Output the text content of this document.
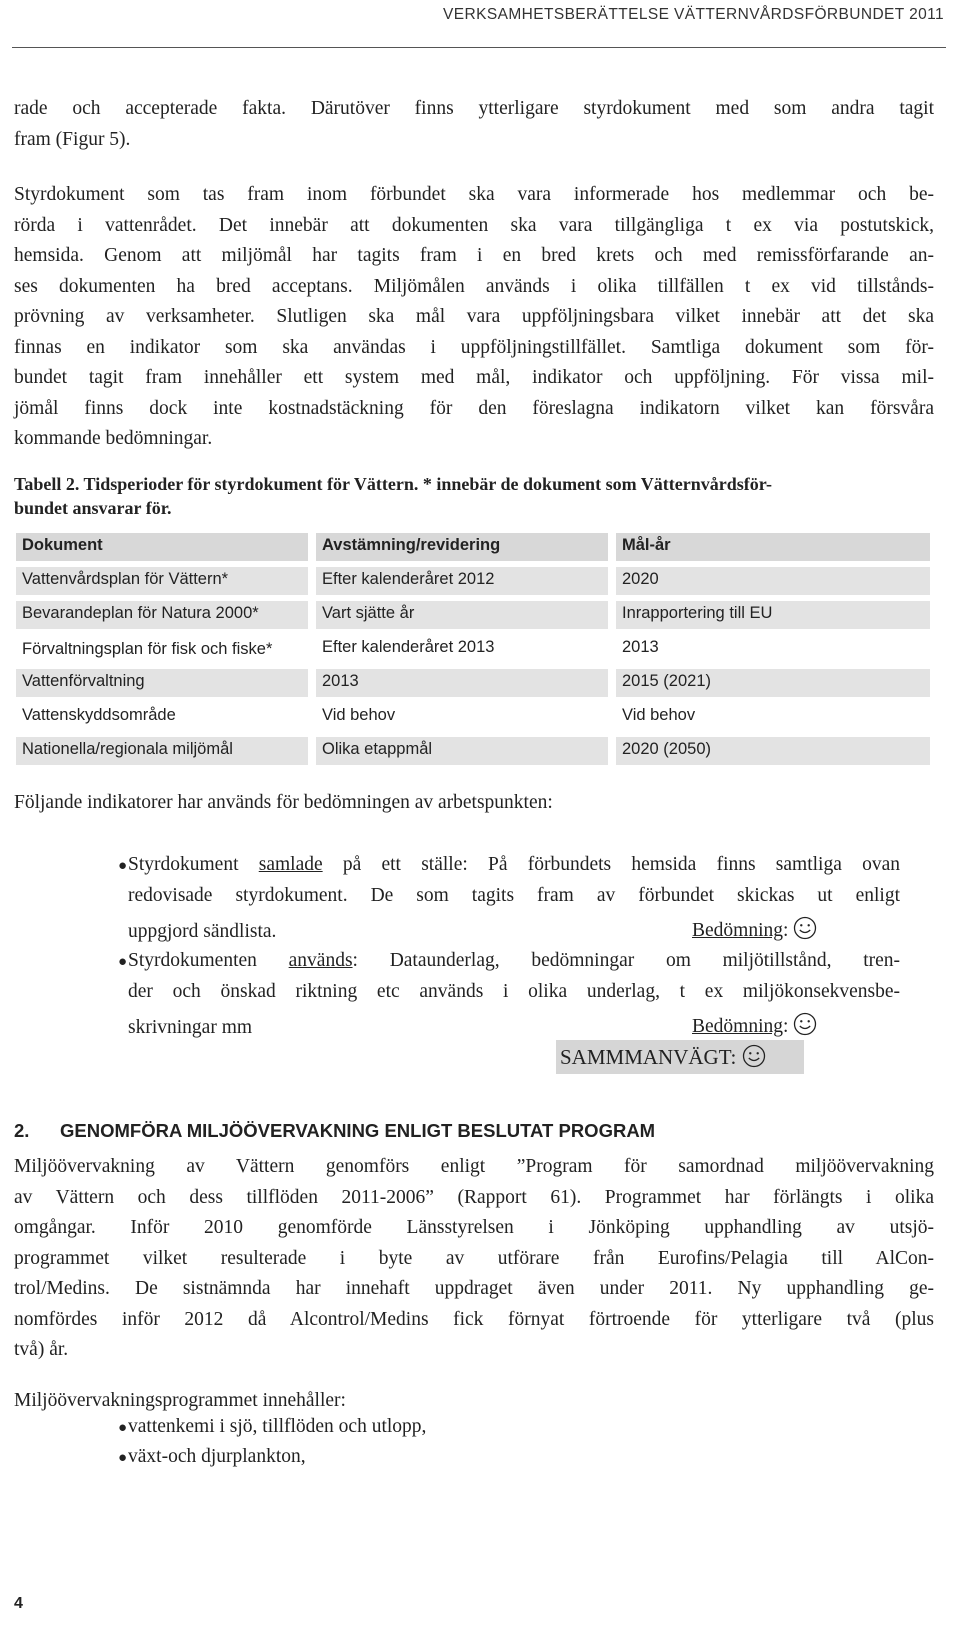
VERKSAMHETSBERÄTTELSE VÄTTERNVÅRDSFÖRBUNDET 2011
rade och accepterade fakta. Därutöver finns ytterligare styrdokument med som andra tagit
fram (Figur 5).
Styrdokument som tas fram inom förbundet ska vara informerade hos medlemmar och be-
rörda i vattenrådet. Det innebär att dokumenten ska vara tillgängliga t ex via postutskick,
hemsida. Genom att miljömål har tagits fram i en bred krets och med remissförfarande an-
ses dokumenten ha bred acceptans. Miljömålen används i olika tillfällen t ex vid tillstånds-
prövning av verksamheter. Slutligen ska mål vara uppföljningsbara vilket innebär att det ska
finnas en indikator som ska användas i uppföljningstillfället. Samtliga dokument som för-
bundet tagit fram innehåller ett system med mål, indikator och uppföljning. För vissa mil-
jömål finns dock inte kostnadstäckning för den föreslagna indikatorn vilket kan försvåra
kommande bedömningar.
Tabell 2. Tidsperioder för styrdokument för Vättern. * innebär de dokument som Vätternvårdsför-
bundet ansvarar för.
Dokument	Avstämning/revidering	Mål-år

Vattenvårdsplan för Vättern*	Efter kalenderåret 2012	2020

Bevarandeplan för Natura 2000*	Vart sjätte år	Inrapportering till EU

Förvaltningsplan för fisk och fiske*	Efter kalenderåret 2013	2013

Vattenförvaltning	2013	2015 (2021)

Vattenskyddsområde	Vid behov	Vid behov

Nationella/regionala miljömål	Olika etappmål	2020 (2050)
Följande indikatorer har används för bedömningen av arbetspunkten:
● Styrdokument samlade på ett ställe: På förbundets hemsida finns samtliga ovan
redovisade styrdokument. De som tagits fram av förbundet skickas ut enligt
uppgjord sändlista.	Bedömning:
● Styrdokumenten används: Dataunderlag, bedömningar om miljötillstånd, tren-
der och önskad riktning etc används i olika underlag, t ex miljökonsekvensbe-
skrivningar mm	Bedömning:
SAMMMANVÄGT:
2. GENOMFÖRA MILJÖÖVERVAKNING ENLIGT BESLUTAT PROGRAM
Miljöövervakning av Vättern genomförs enligt ”Program för samordnad miljöövervakning
av Vättern och dess tillflöden 2011-2006” (Rapport 61). Programmet har förlängts i olika
omgångar. Inför 2010 genomförde Länsstyrelsen i Jönköping upphandling av utsjö-
programmet vilket resulterade i byte av utförare från Eurofins/Pelagia till AlCon-
trol/Medins. De sistnämnda har innehaft uppdraget även under 2011. Ny upphandling ge-
nomfördes inför 2012 då Alcontrol/Medins fick förnyat förtroende för ytterligare två (plus
två) år.
Miljöövervakningsprogrammet innehåller:
● vattenkemi i sjö, tillflöden och utlopp,
● växt-och djurplankton,
4
